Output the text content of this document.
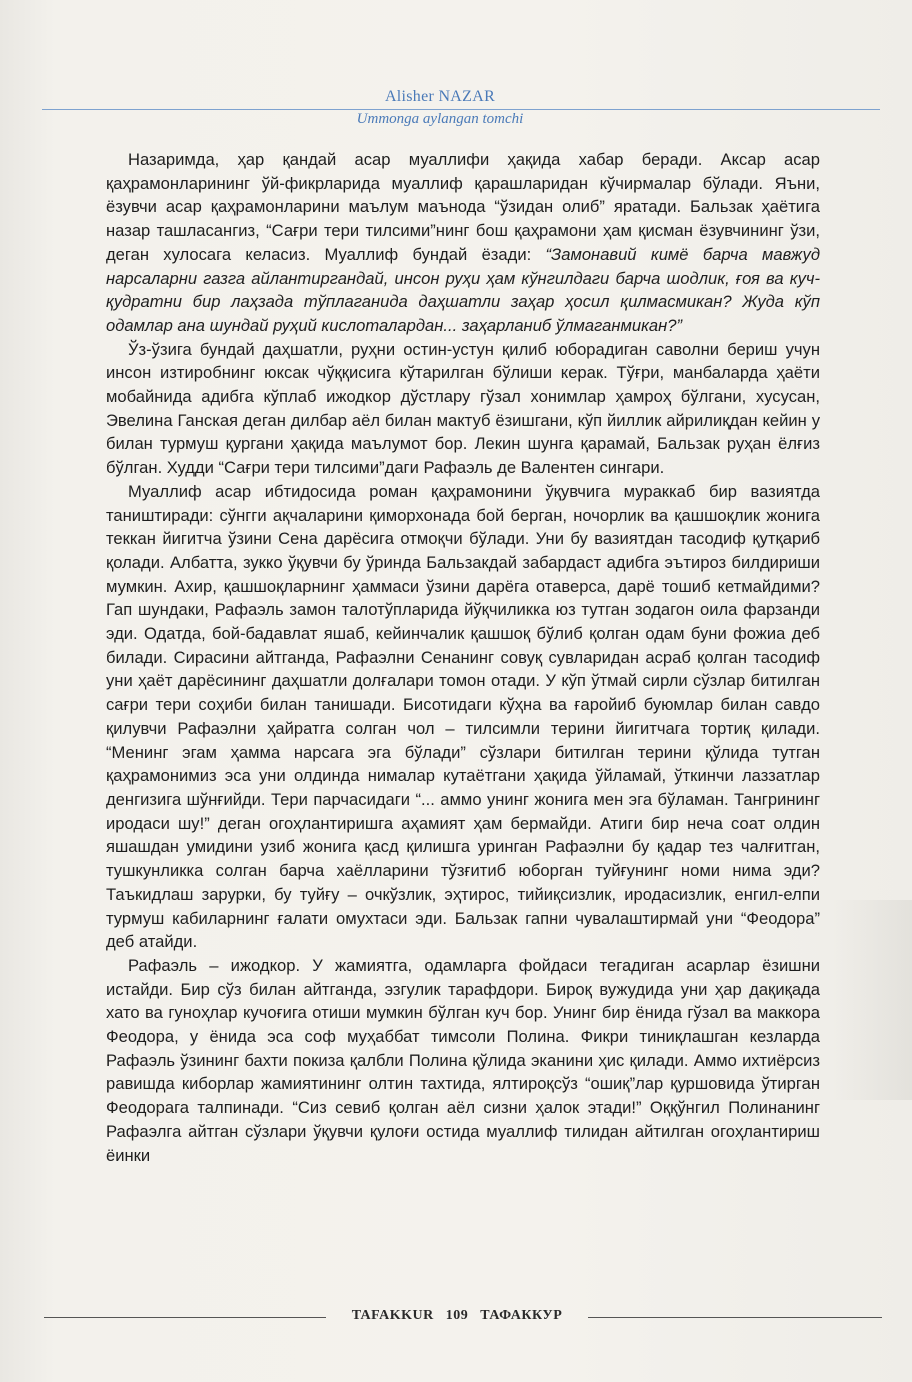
Alisher NAZAR
Ummonga aylangan tomchi

Назаримда, ҳар қандай асар муаллифи ҳақида хабар беради. Аксар асар қаҳрамонларининг ўй-фикрларида муаллиф қарашларидан кўчирмалар бўлади. Яъни, ёзувчи асар қаҳрамонларини маълум маънода “ўзидан олиб” яратади. Бальзак ҳаётига назар ташласангиз, “Сағри тери тилсими”нинг бош қаҳрамони ҳам қисман ёзувчининг ўзи, деган хулосага келасиз. Муаллиф бундай ёзади: “Замонавий кимё барча мавжуд нарсаларни газга айлантиргандай, инсон руҳи ҳам кўнгилдаги барча шодлик, ғоя ва куч-қудратни бир лаҳзада тўплаганида даҳшатли заҳар ҳосил қилмасмикан? Жуда кўп одамлар ана шундай руҳий кислоталардан... заҳарланиб ўлмаганмикан?”

Ўз-ўзига бундай даҳшатли, руҳни остин-устун қилиб юборадиган саволни бериш учун инсон изтиробнинг юксак чўққисига кўтарилган бўлиши керак. Тўғри, манбаларда ҳаёти мобайнида адибга кўплаб ижодкор дўстлару гўзал хонимлар ҳамроҳ бўлгани, хусусан, Эвелина Ганская деган дилбар аёл билан мактуб ёзишгани, кўп йиллик айрилиқдан кейин у билан турмуш қургани ҳақида маълумот бор. Лекин шунга қарамай, Бальзак руҳан ёлғиз бўлган. Худди “Сағри тери тилсими”даги Рафаэль де Валентен сингари.

Муаллиф асар ибтидосида роман қаҳрамонини ўқувчига мураккаб бир вазиятда таништиради: сўнгги ақчаларини қиморхонада бой берган, ночорлик ва қашшоқлик жонига теккан йигитча ўзини Сена дарёсига отмоқчи бўлади. Уни бу вазиятдан тасодиф қутқариб қолади. Албатта, зукко ўқувчи бу ўринда Бальзакдай забардаст адибга эътироз билдириши мумкин. Ахир, қашшоқларнинг ҳаммаси ўзини дарёга отаверса, дарё тошиб кетмайдими? Гап шундаки, Рафаэль замон талотўпларида йўқчиликка юз тутган зодагон оила фарзанди эди. Одатда, бой-бадавлат яшаб, кейинчалик қашшоқ бўлиб қолган одам буни фожиа деб билади. Сирасини айтганда, Рафаэлни Сенанинг совуқ сувларидан асраб қолган тасодиф уни ҳаёт дарёсининг даҳшатли долғалари томон отади. У кўп ўтмай сирли сўзлар битилган сағри тери соҳиби билан танишади. Бисотидаги кўҳна ва ғаройиб буюмлар билан савдо қилувчи Рафаэлни ҳайратга солган чол – тилсимли терини йигитчага тортиқ қилади. “Менинг эгам ҳамма нарсага эга бўлади” сўзлари битилган терини қўлида тутган қаҳрамонимиз эса уни олдинда нималар кутаётгани ҳақида ўйламай, ўткинчи лаззатлар денгизига шўнғийди. Тери парчасидаги “... аммо унинг жонига мен эга бўламан. Тангрининг иродаси шу!” деган огоҳлантиришга аҳамият ҳам бермайди. Атиги бир неча соат олдин яшашдан умидини узиб жонига қасд қилишга уринган Рафаэлни бу қадар тез чалғитган, тушкунликка солган барча хаёлларини тўзғитиб юборган туйғунинг номи нима эди? Таъкидлаш зарурки, бу туйғу – очкўзлик, эҳтирос, тийиқсизлик, иродасизлик, енгил-елпи турмуш кабиларнинг ғалати омухтаси эди. Бальзак гапни чувалаштирмай уни “Феодора” деб атайди.

Рафаэль – ижодкор. У жамиятга, одамларга фойдаси тегадиган асарлар ёзишни истайди. Бир сўз билан айтганда, эзгулик тарафдори. Бироқ вужудида уни ҳар дақиқада хато ва гуноҳлар кучоғига отиши мумкин бўлган куч бор. Унинг бир ёнида гўзал ва маккора Феодора, у ёнида эса соф муҳаббат тимсоли Полина. Фикри тиниқлашган кезларда Рафаэль ўзининг бахти покиза қалбли Полина қўлида эканини ҳис қилади. Аммо ихтиёрсиз равишда киборлар жамиятининг олтин тахтида, ялтироқсўз “ошиқ”лар қуршовида ўтирган Феодорага талпинади. “Сиз севиб қолган аёл сизни ҳалок этади!” Оққўнгил Полинанинг Рафаэлга айтган сўзлари ўқувчи қулоғи остида муаллиф тилидан айтилган огоҳлантириш ёинки

TAFAKKUR 109 ТАФАККУР
